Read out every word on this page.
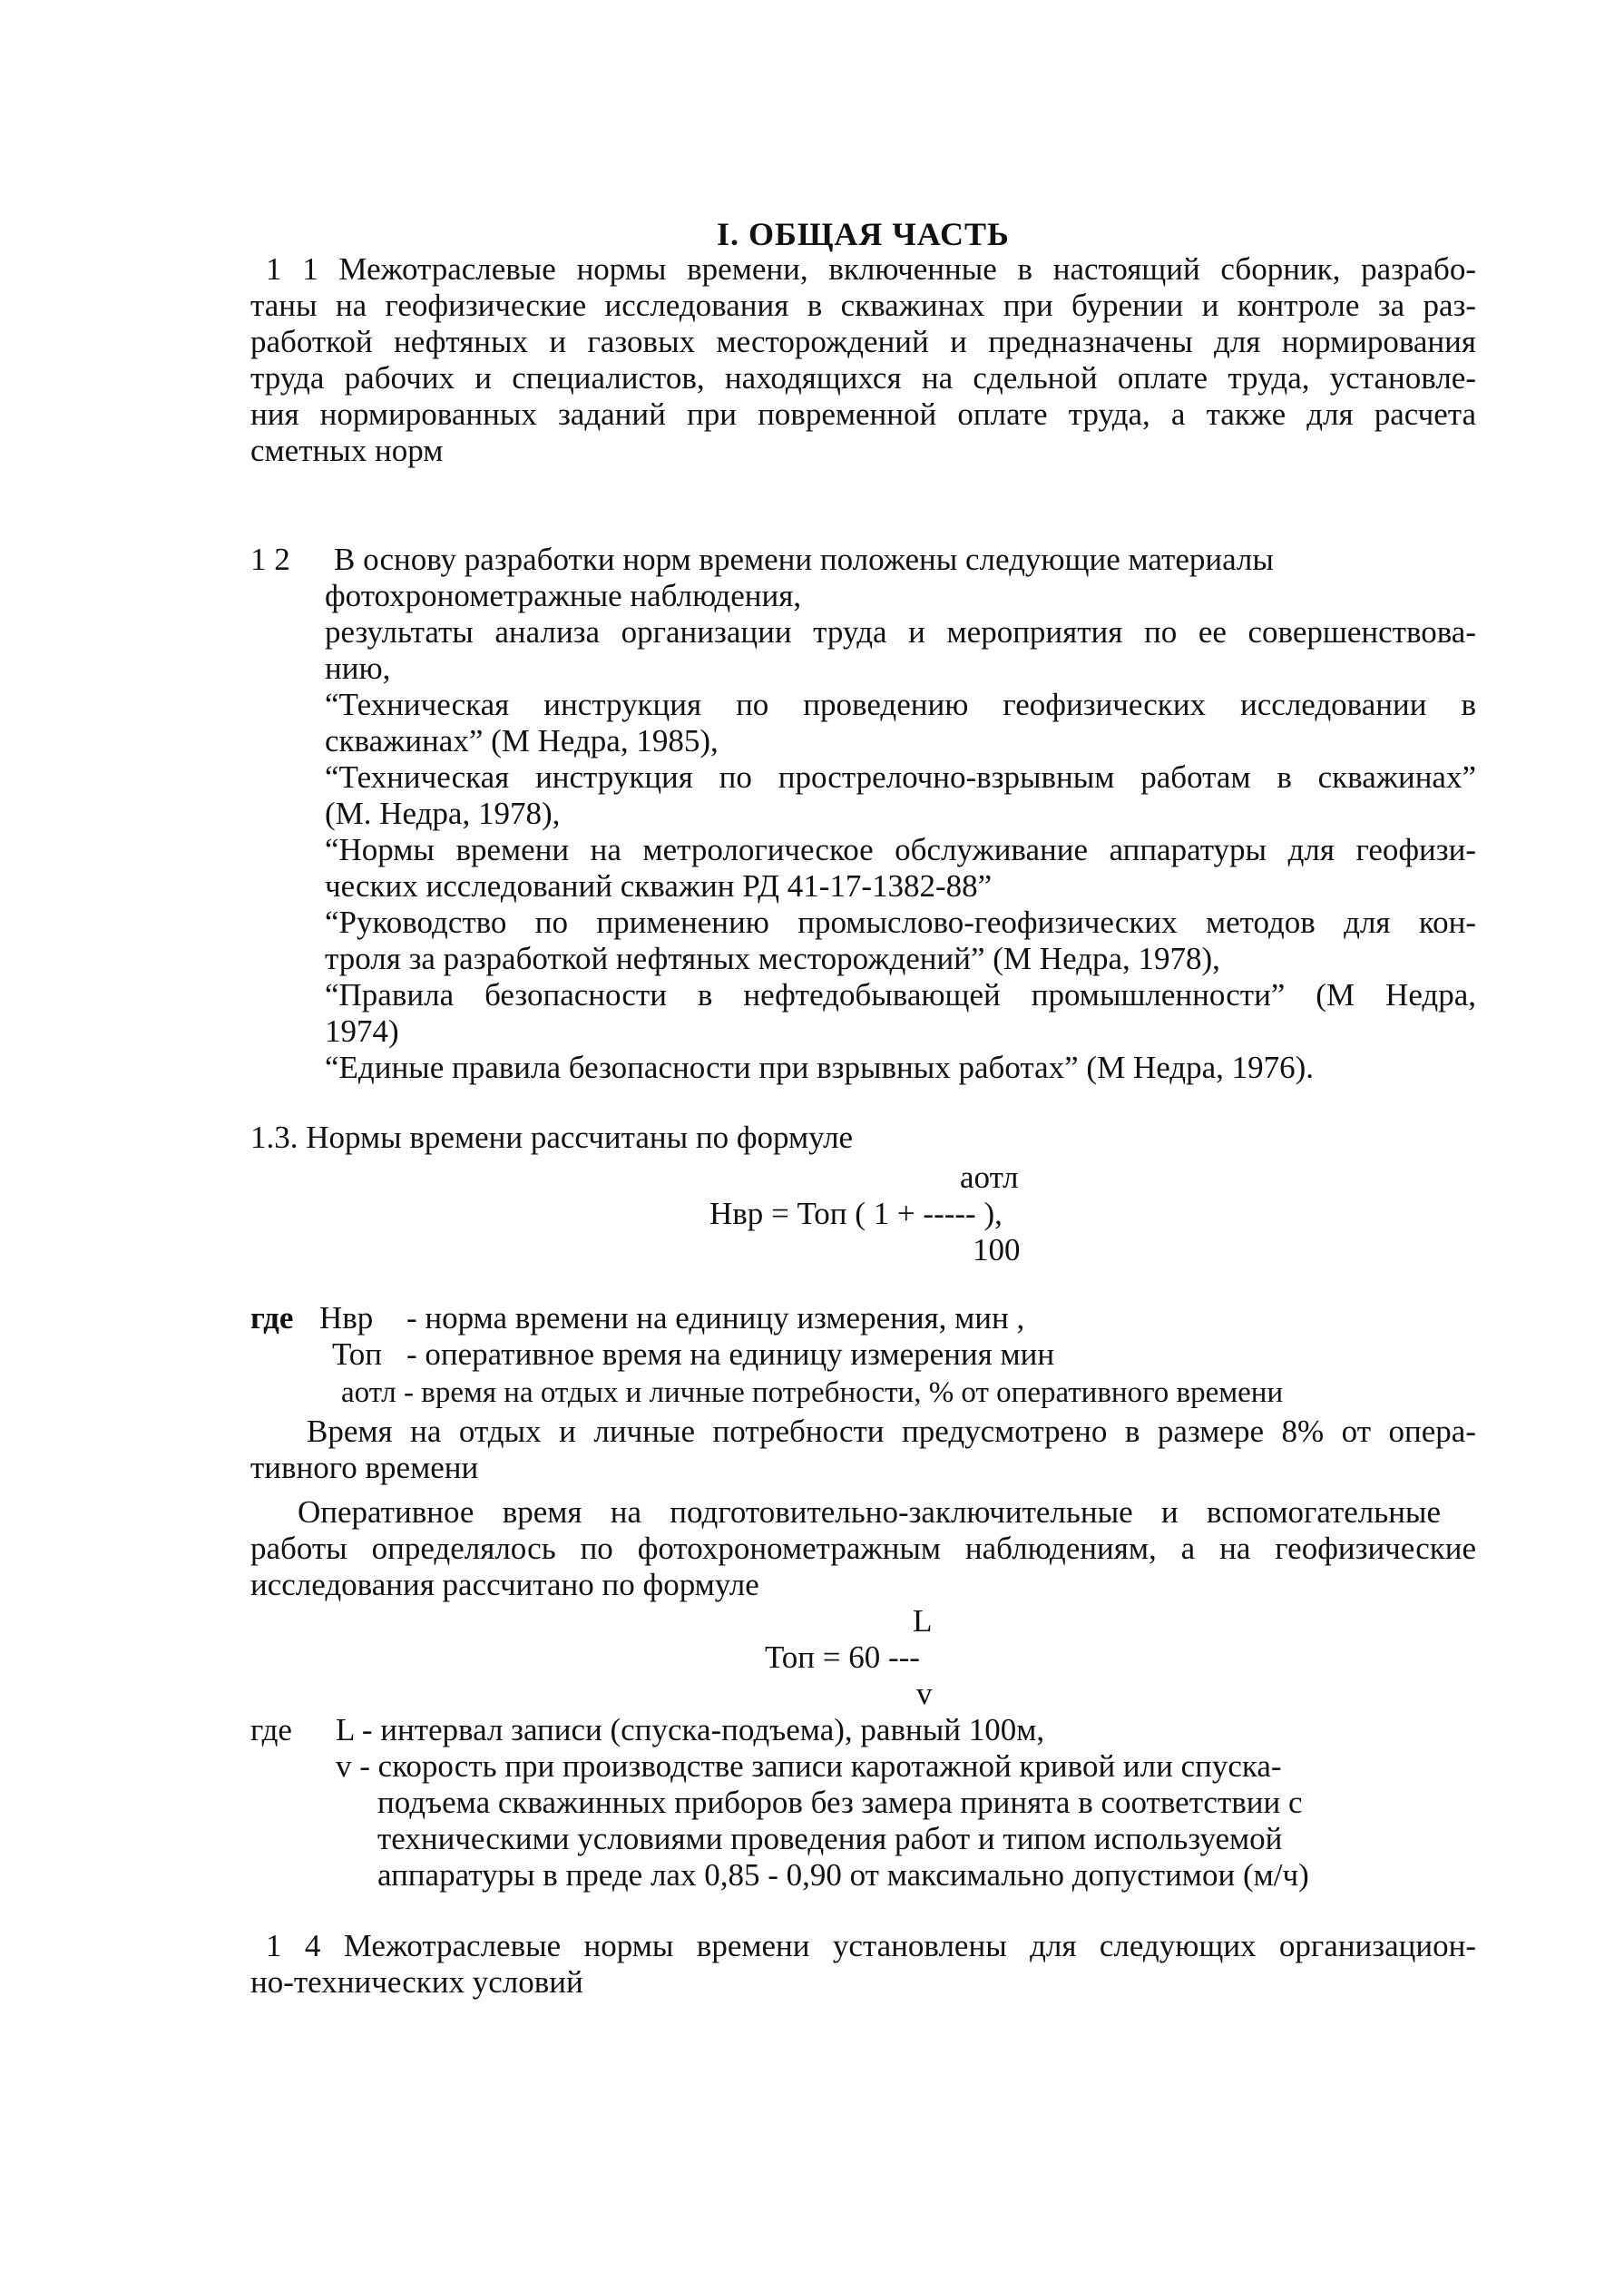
I. ОБЩАЯ ЧАСТЬ
1 1 Межотраслевые нормы времени, включенные в настоящий сборник, разрабо-
таны на геофизические исследования в скважинах при бурении и контроле за раз-
работкой нефтяных и газовых месторождений и предназначены для нормирования
труда рабочих и специалистов, находящихся на сдельной оплате труда, установле-
ния нормированных заданий при повременной оплате труда, а также для расчета
сметных норм
1 2 В основу разработки норм времени положены следующие материалы
фотохронометражные наблюдения,
результаты анализа организации труда и мероприятия по ее совершенствова-
нию,
“Техническая инструкция по проведению геофизических исследовании в
скважинах” (М Недра, 1985),
“Техническая инструкция по прострелочно-взрывным работам в скважинах”
(М. Недра, 1978),
“Нормы времени на метрологическое обслуживание аппаратуры для геофизи-
ческих исследований скважин РД 41-17-1382-88”
“Руководство по применению промыслово-геофизических методов для кон-
троля за разработкой нефтяных месторождений” (М Недра, 1978),
“Правила безопасности в нефтедобывающей промышленности” (М Недра,
1974)
“Единые правила безопасности при взрывных работах” (М Недра, 1976).
1.3. Нормы времени рассчитаны по формуле
аотл
Нвр = Топ ( 1 + ----- ),
100
где Нвр - норма времени на единицу измерения, мин ,
Топ - оперативное время на единицу измерения мин
аотл - время на отдых и личные потребности, % от оперативного времени
Время на отдых и личные потребности предусмотрено в размере 8% от опера-
тивного времени
Оперативное время на подготовительно-заключительные и вспомогательные
работы определялось по фотохронометражным наблюдениям, а на геофизические
исследования рассчитано по формуле
L
Топ = 60 ---
v
где L - интервал записи (спуска-подъема), равный 100м,
v - скорость при производстве записи каротажной кривой или спуска-
подъема скважинных приборов без замера принята в соответствии с
техническими условиями проведения работ и типом используемой
аппаратуры в преде лах 0,85 - 0,90 от максимально допустимои (м/ч)
1 4 Межотраслевые нормы времени установлены для следующих организацион-
но-технических условий
